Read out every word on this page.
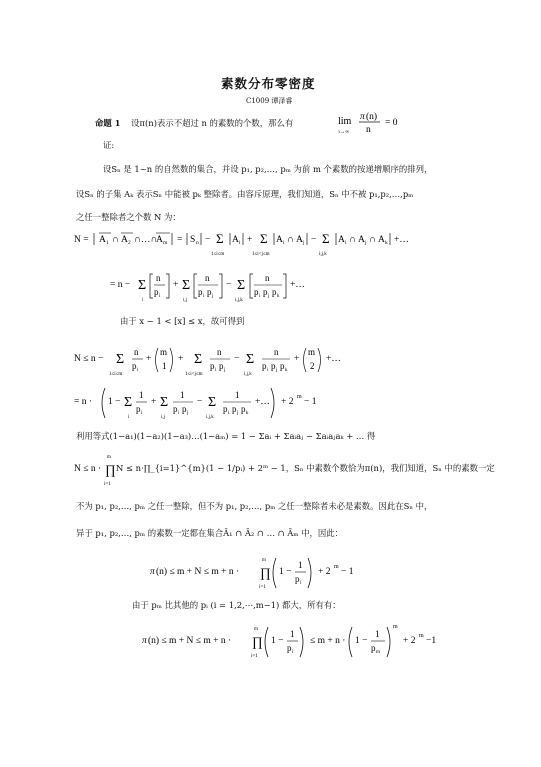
素数分布零密度
C1009 谭泽睿
命题 1 设π(n)表示不超过 n 的素数的个数，那么有	lim
n→∞
π (n)
n
= 0
证:
设Sₙ 是 1~n 的自然数的集合，并设 p₁, p₂,…, pₘ 为前 m 个素数的按递增顺序的排列，
设Sₙ 的子集 Aₖ 表示Sₙ 中能被 pₖ 整除者。由容斥原理，我们知道，Sₙ 中不被 p₁,p₂,…,pₘ
之任一整除者之个数 N 为：
N = A 1 ∩ A 2 ∩…∩
A m = S n − Σ
1≤i≤m
A i + Σ
1≤i<j≤m
A i ∩ A j − Σ
i,j,k
A i ∩ A j ∩ A k +…
= n − Σ
i
n
p i
+ Σ
i,j
n
p i p j
− Σ
i,j,k
n
p i p j p k
+…
由于 x − 1 < [x] ≤ x，故可得到
N ≤ n − Σ
1≤i≤m
n
p i
+
m
1
+ Σ
1≤i<j≤m
n
p i p j
− Σ
i,j,k
n
p i p j p k
+
m
2
+…
= n · 1 − Σ
i
1
p i
+ Σ
i,j
1
p i p j
− Σ
i,j,k
1
p i p j p k
+… + 2 m − 1
利用等式(1−a₁)(1−a₂)(1−a₃)…(1−aₘ) = 1 − Σaᵢ + Σaᵢaⱼ − Σaᵢaⱼaₖ + … 得
N ≤ n ·
m
∏
i=1
N ≤ n·∏_{i=1}^{m}(1 − 1/pᵢ) + 2ᵐ − 1，Sₙ 中素数个数恰为π(n)，我们知道，Sₙ 中的素数一定
不为 p₁, p₂,…, pₘ 之任一整除，但不为 p₁, p₂,…, pₘ 之任一整除者未必是素数。因此在Sₙ 中，
异于 p₁, p₂,…, pₘ 的素数一定都在集合Ā₁ ∩ Ā₂ ∩ … ∩ Āₘ 中，因此：
π (n) ≤ m + N ≤ m + n ·
m
∏
i=1
1 −
1
p i
+ 2 m − 1
由于 pₘ 比其他的 pᵢ (i = 1,2,⋯,m−1) 都大，所有有：
π (n) ≤ m + N ≤ m + n ·
m
∏
i=1
1 −
1
p i
≤ m + n · 1 −
1
p m
m
+ 2 m −1
